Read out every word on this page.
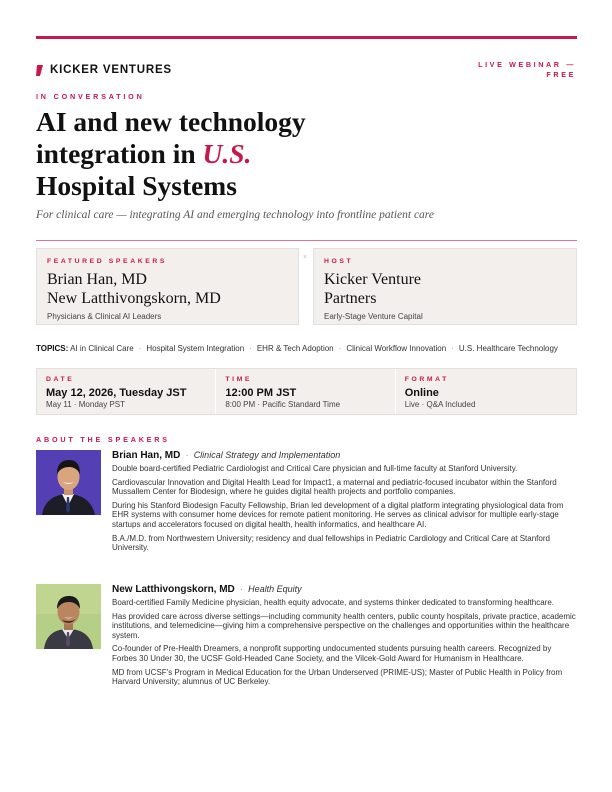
KICKER VENTURES	LIVE WEBINAR — FREE
IN CONVERSATION
AI and new technology
integration in U.S.
Hospital Systems
For clinical care — integrating AI and emerging technology into frontline patient care
FEATURED SPEAKERS
Brian Han, MD
New Latthivongskorn, MD
Physicians & Clinical AI Leaders
×
HOST
Kicker Venture
Partners
Early-Stage Venture Capital
TOPICS: AI in Clinical Care · Hospital System Integration · EHR & Tech Adoption · Clinical Workflow Innovation · U.S. Healthcare Technology
DATE
May 12, 2026, Tuesday JST
May 11 · Monday PST
TIME
12:00 PM JST
8:00 PM · Pacific Standard Time
FORMAT
Online
Live · Q&A Included
ABOUT THE SPEAKERS
Brian Han, MD · Clinical Strategy and Implementation

Double board-certified Pediatric Cardiologist and Critical Care physician and full-time faculty at Stanford University.

Cardiovascular Innovation and Digital Health Lead for Impact1, a maternal and pediatric-focused incubator within the Stanford Mussallem Center for Biodesign, where he guides digital health projects and portfolio companies.

During his Stanford Biodesign Faculty Fellowship, Brian led development of a digital platform integrating physiological data from EHR systems with consumer home devices for remote patient monitoring. He serves as clinical advisor for multiple early-stage startups and accelerators focused on digital health, health informatics, and healthcare AI.

B.A./M.D. from Northwestern University; residency and dual fellowships in Pediatric Cardiology and Critical Care at Stanford University.

New Latthivongskorn, MD · Health Equity

Board-certified Family Medicine physician, health equity advocate, and systems thinker dedicated to transforming healthcare.

Has provided care across diverse settings—including community health centers, public county hospitals, private practice, academic institutions, and telemedicine—giving him a comprehensive perspective on the challenges and opportunities within the healthcare system.

Co-founder of Pre-Health Dreamers, a nonprofit supporting undocumented students pursuing health careers. Recognized by Forbes 30 Under 30, the UCSF Gold-Headed Cane Society, and the Vilcek-Gold Award for Humanism in Healthcare.

MD from UCSF's Program in Medical Education for the Urban Underserved (PRIME-US); Master of Public Health in Policy from Harvard University; alumnus of UC Berkeley.
